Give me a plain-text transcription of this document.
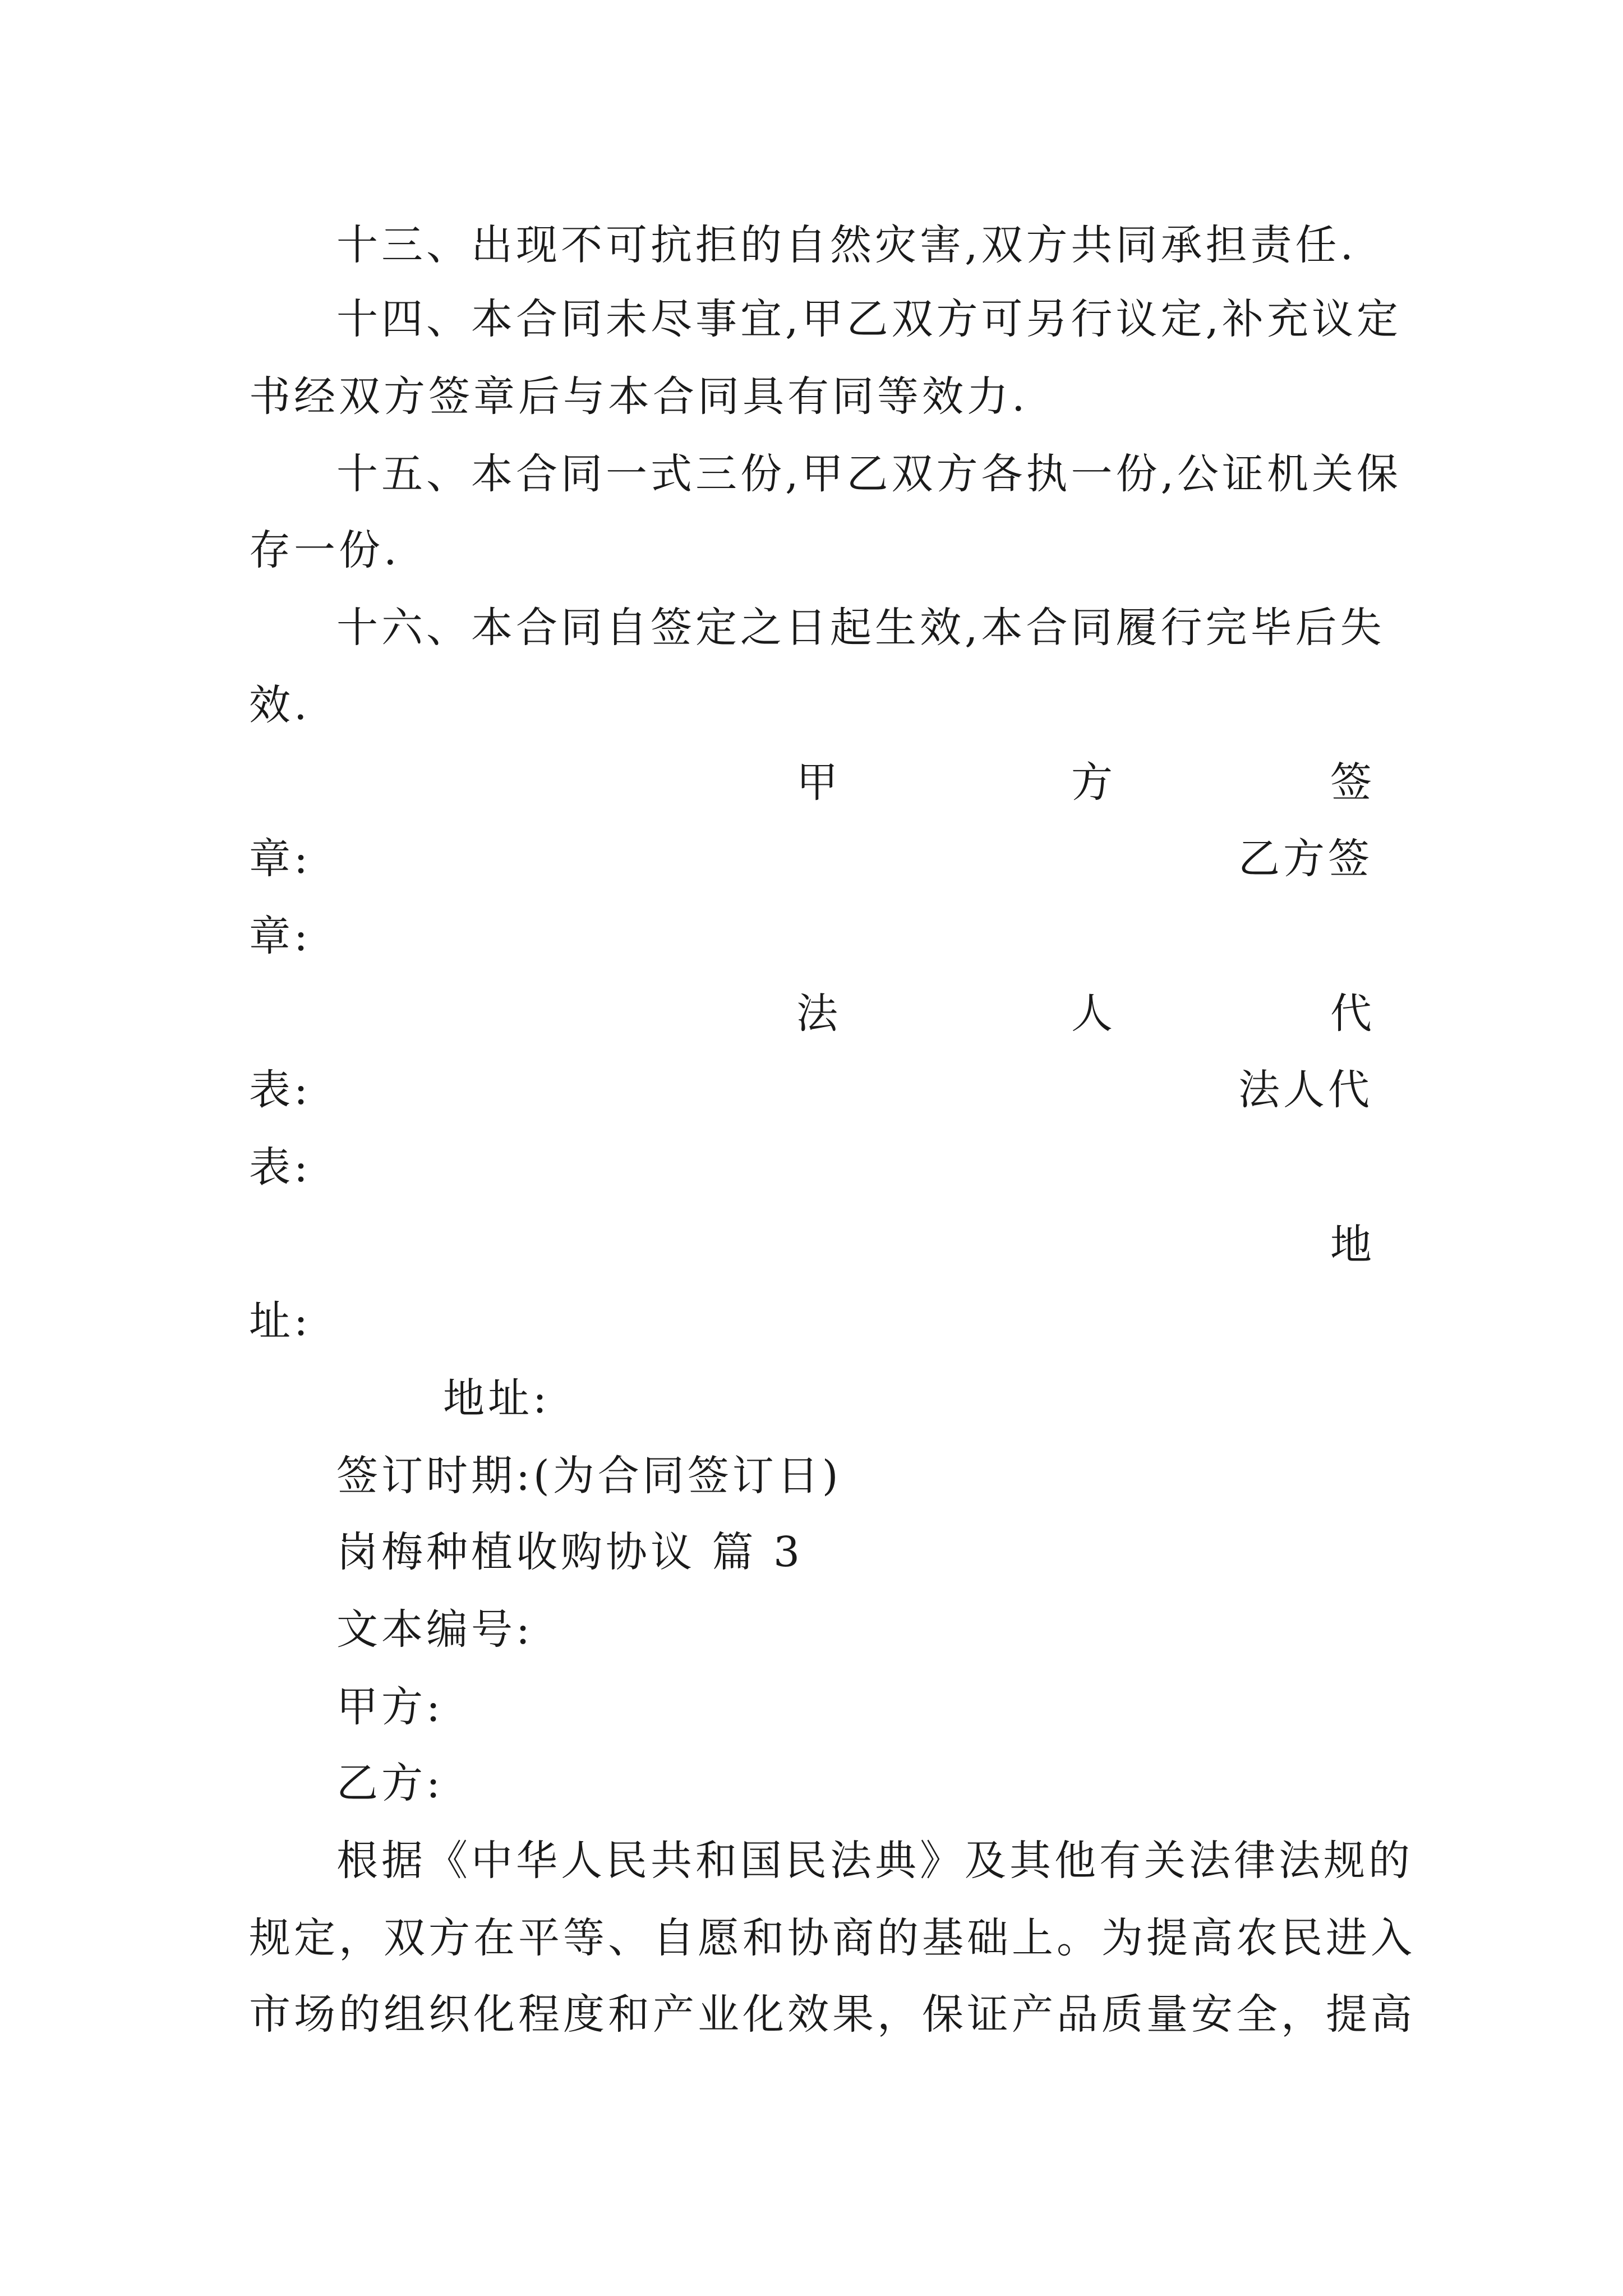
十三、出现不可抗拒的自然灾害,双方共同承担责任.
十四、本合同未尽事宜,甲乙双方可另行议定,补充议定
书经双方签章后与本合同具有同等效力.
十五、本合同一式三份,甲乙双方各执一份,公证机关保
存一份.
十六、本合同自签定之日起生效,本合同履行完毕后失
效.
甲	方	签
章:	乙方签
章:
法	人	代
表:	法人代
表:
地
址:
地址:
签订时期:(为合同签订日)
岗梅种植收购协议 篇 3
文本编号:
甲方:
乙方:
根据《中华人民共和国民法典》及其他有关法律法规的
规定，双方在平等、自愿和协商的基础上。为提高农民进入
市场的组织化程度和产业化效果，保证产品质量安全，提高
